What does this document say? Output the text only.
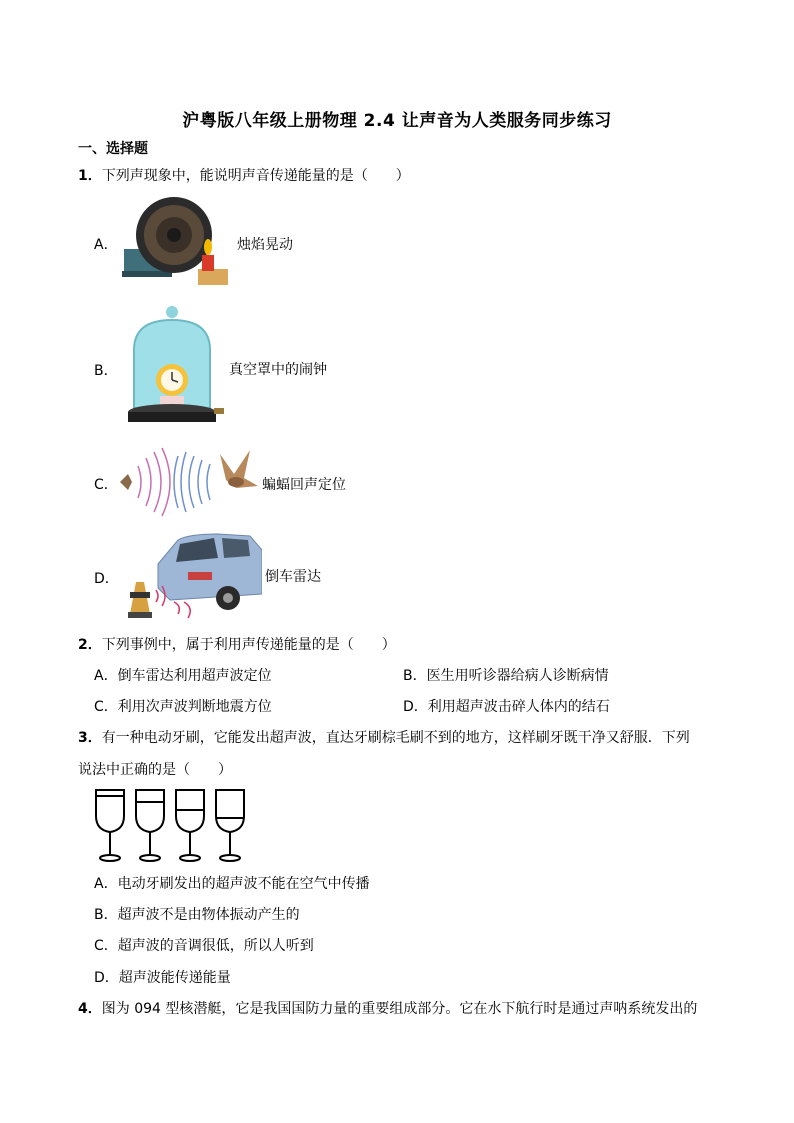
沪粤版八年级上册物理 2.4 让声音为人类服务同步练习
一、选择题
1．下列声现象中，能说明声音传递能量的是（　　）
A．	烛焰晃动
B．	真空罩中的闹钟
C．	蝙蝠回声定位
D．	倒车雷达
2．下列事例中，属于利用声传递能量的是（　　）
A．倒车雷达利用超声波定位	B．医生用听诊器给病人诊断病情
C．利用次声波判断地震方位	D．利用超声波击碎人体内的结石
3．有一种电动牙刷，它能发出超声波，直达牙刷棕毛刷不到的地方，这样刷牙既干净又舒服．下列
说法中正确的是（　　）
A．电动牙刷发出的超声波不能在空气中传播
B．超声波不是由物体振动产生的
C．超声波的音调很低，所以人听到
D．超声波能传递能量
4．图为 094 型核潜艇，它是我国国防力量的重要组成部分。它在水下航行时是通过声呐系统发出的
